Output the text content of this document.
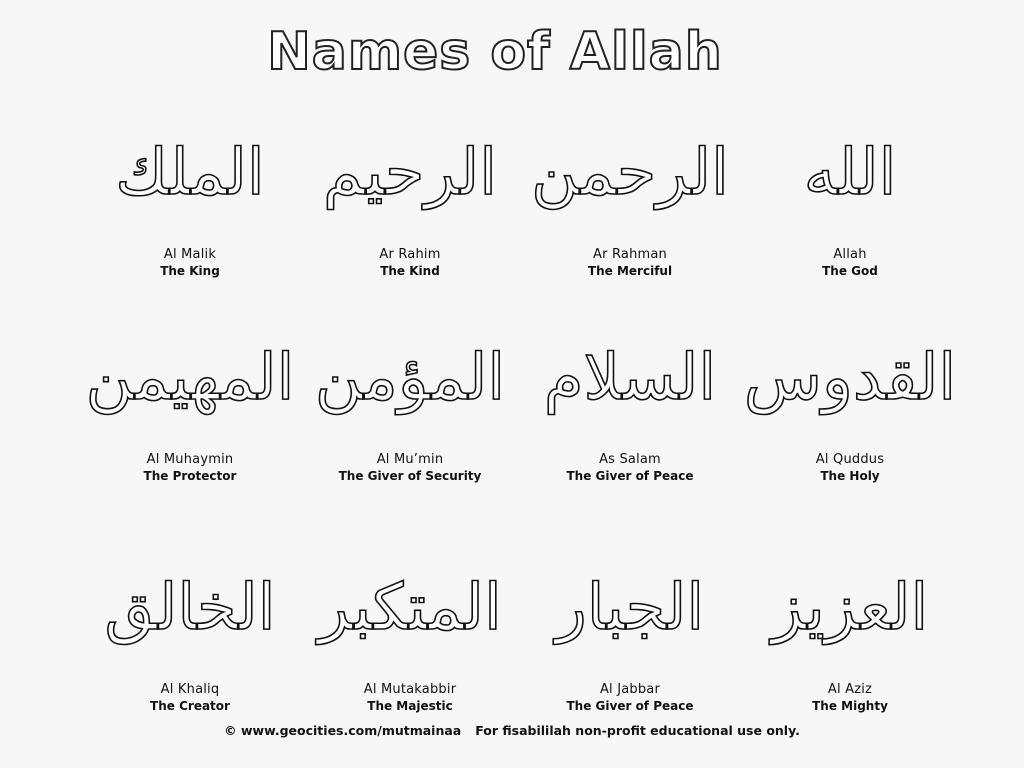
Names of Allah
الملك
Al Malik
The King
الرحيم
Ar Rahim
The Kind
الرحمن
Ar Rahman
The Merciful
الله
Allah
The God
المهيمن
Al Muhaymin
The Protector
المؤمن
Al Mu’min
The Giver of Security
السلام
As Salam
The Giver of Peace
القدوس
Al Quddus
The Holy
الخالق
Al Khaliq
The Creator
المتكبر
Al Mutakabbir
The Majestic
الجبار
Al Jabbar
The Giver of Peace
العزيز
Al Aziz
The Mighty
© www.geocities.com/mutmainaa For fisabililah non-profit educational use only.
